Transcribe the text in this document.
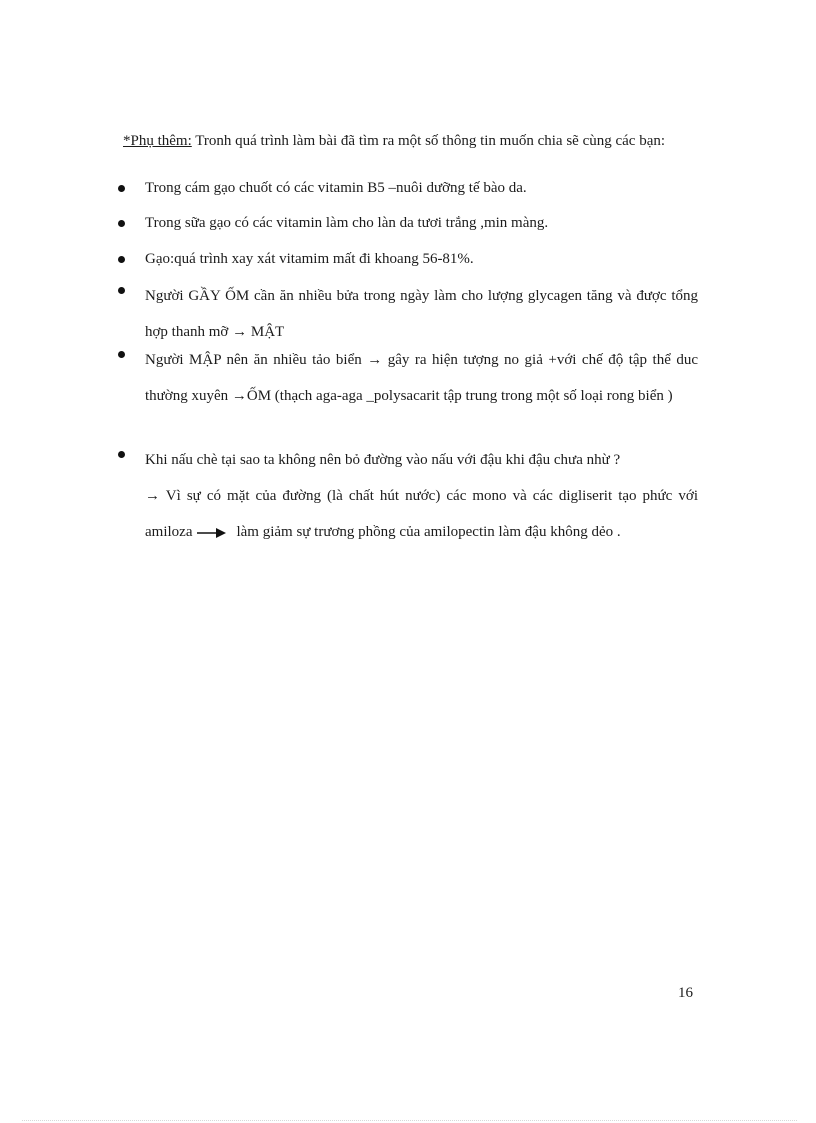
*Phụ thêm: Tronh quá trình làm bài đã tìm ra một số thông tin muốn chia sẽ cùng các bạn:
Trong cám gạo chuốt có các vitamin B5 –nuôi dưỡng tế bào da.
Trong sữa gạo có các vitamin làm cho làn da tươi trắng ,min màng.
Gạo:quá trình xay xát vitamim mất đi khoang 56-81%.
Người GẦY ỐM cần ăn nhiều bửa trong ngày làm cho lượng glycagen tăng và được tổng hợp thanh mỡ → MẬT
Người MẬP nên ăn nhiều tảo biển → gây ra hiện tượng no giả +với chế độ tập thể duc thường xuyên →ỐM (thạch aga-aga _polysacarit tập trung trong một số loại rong biển )
Khi nấu chè tại sao ta không nên bỏ đường vào nấu với đậu khi đậu chưa nhừ ?
→ Vì sự có mặt của đường (là chất hút nước) các mono và các digliserit tạo phức với amiloza	làm giảm sự trương phồng của amilopectin làm đậu không dẻo .
16
